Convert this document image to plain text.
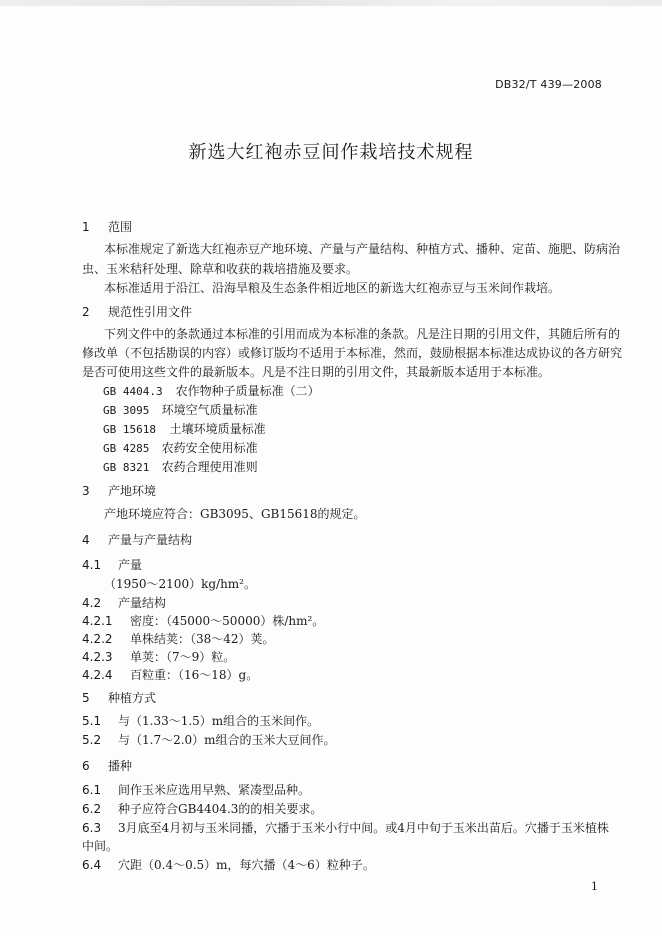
DB32/T 439—2008
新选大红袍赤豆间作栽培技术规程
1 范围
本标准规定了新选大红袍赤豆产地环境、产量与产量结构、种植方式、播种、定苗、施肥、防病治
虫、玉米秸秆处理、除草和收获的栽培措施及要求。
本标准适用于沿江、沿海旱粮及生态条件相近地区的新选大红袍赤豆与玉米间作栽培。
2 规范性引用文件
下列文件中的条款通过本标准的引用而成为本标准的条款。凡是注日期的引用文件，其随后所有的
修改单（不包括勘误的内容）或修订版均不适用于本标准，然而，鼓励根据本标准达成协议的各方研究
是否可使用这些文件的最新版本。凡是不注日期的引用文件，其最新版本适用于本标准。
GB 4404.3 农作物种子质量标准（二）
GB 3095 环境空气质量标准
GB 15618 土壤环境质量标准
GB 4285 农药安全使用标准
GB 8321 农药合理使用准则
3 产地环境
产地环境应符合：GB3095、GB15618的规定。
4 产量与产量结构
4.1 产量
（1950～2100）kg/hm²。
4.2 产量结构
4.2.1 密度：（45000～50000）株/hm²。
4.2.2 单株结荚：（38～42）荚。
4.2.3 单荚：（7～9）粒。
4.2.4 百粒重：（16～18）g。
5 种植方式
5.1 与（1.33～1.5）m组合的玉米间作。
5.2 与（1.7～2.0）m组合的玉米大豆间作。
6 播种
6.1 间作玉米应选用早熟、紧凑型品种。
6.2 种子应符合GB4404.3的的相关要求。
6.3 3月底至4月初与玉米同播，穴播于玉米小行中间。或4月中旬于玉米出苗后。穴播于玉米植株
中间。
6.4 穴距（0.4～0.5）m，每穴播（4～6）粒种子。
1
